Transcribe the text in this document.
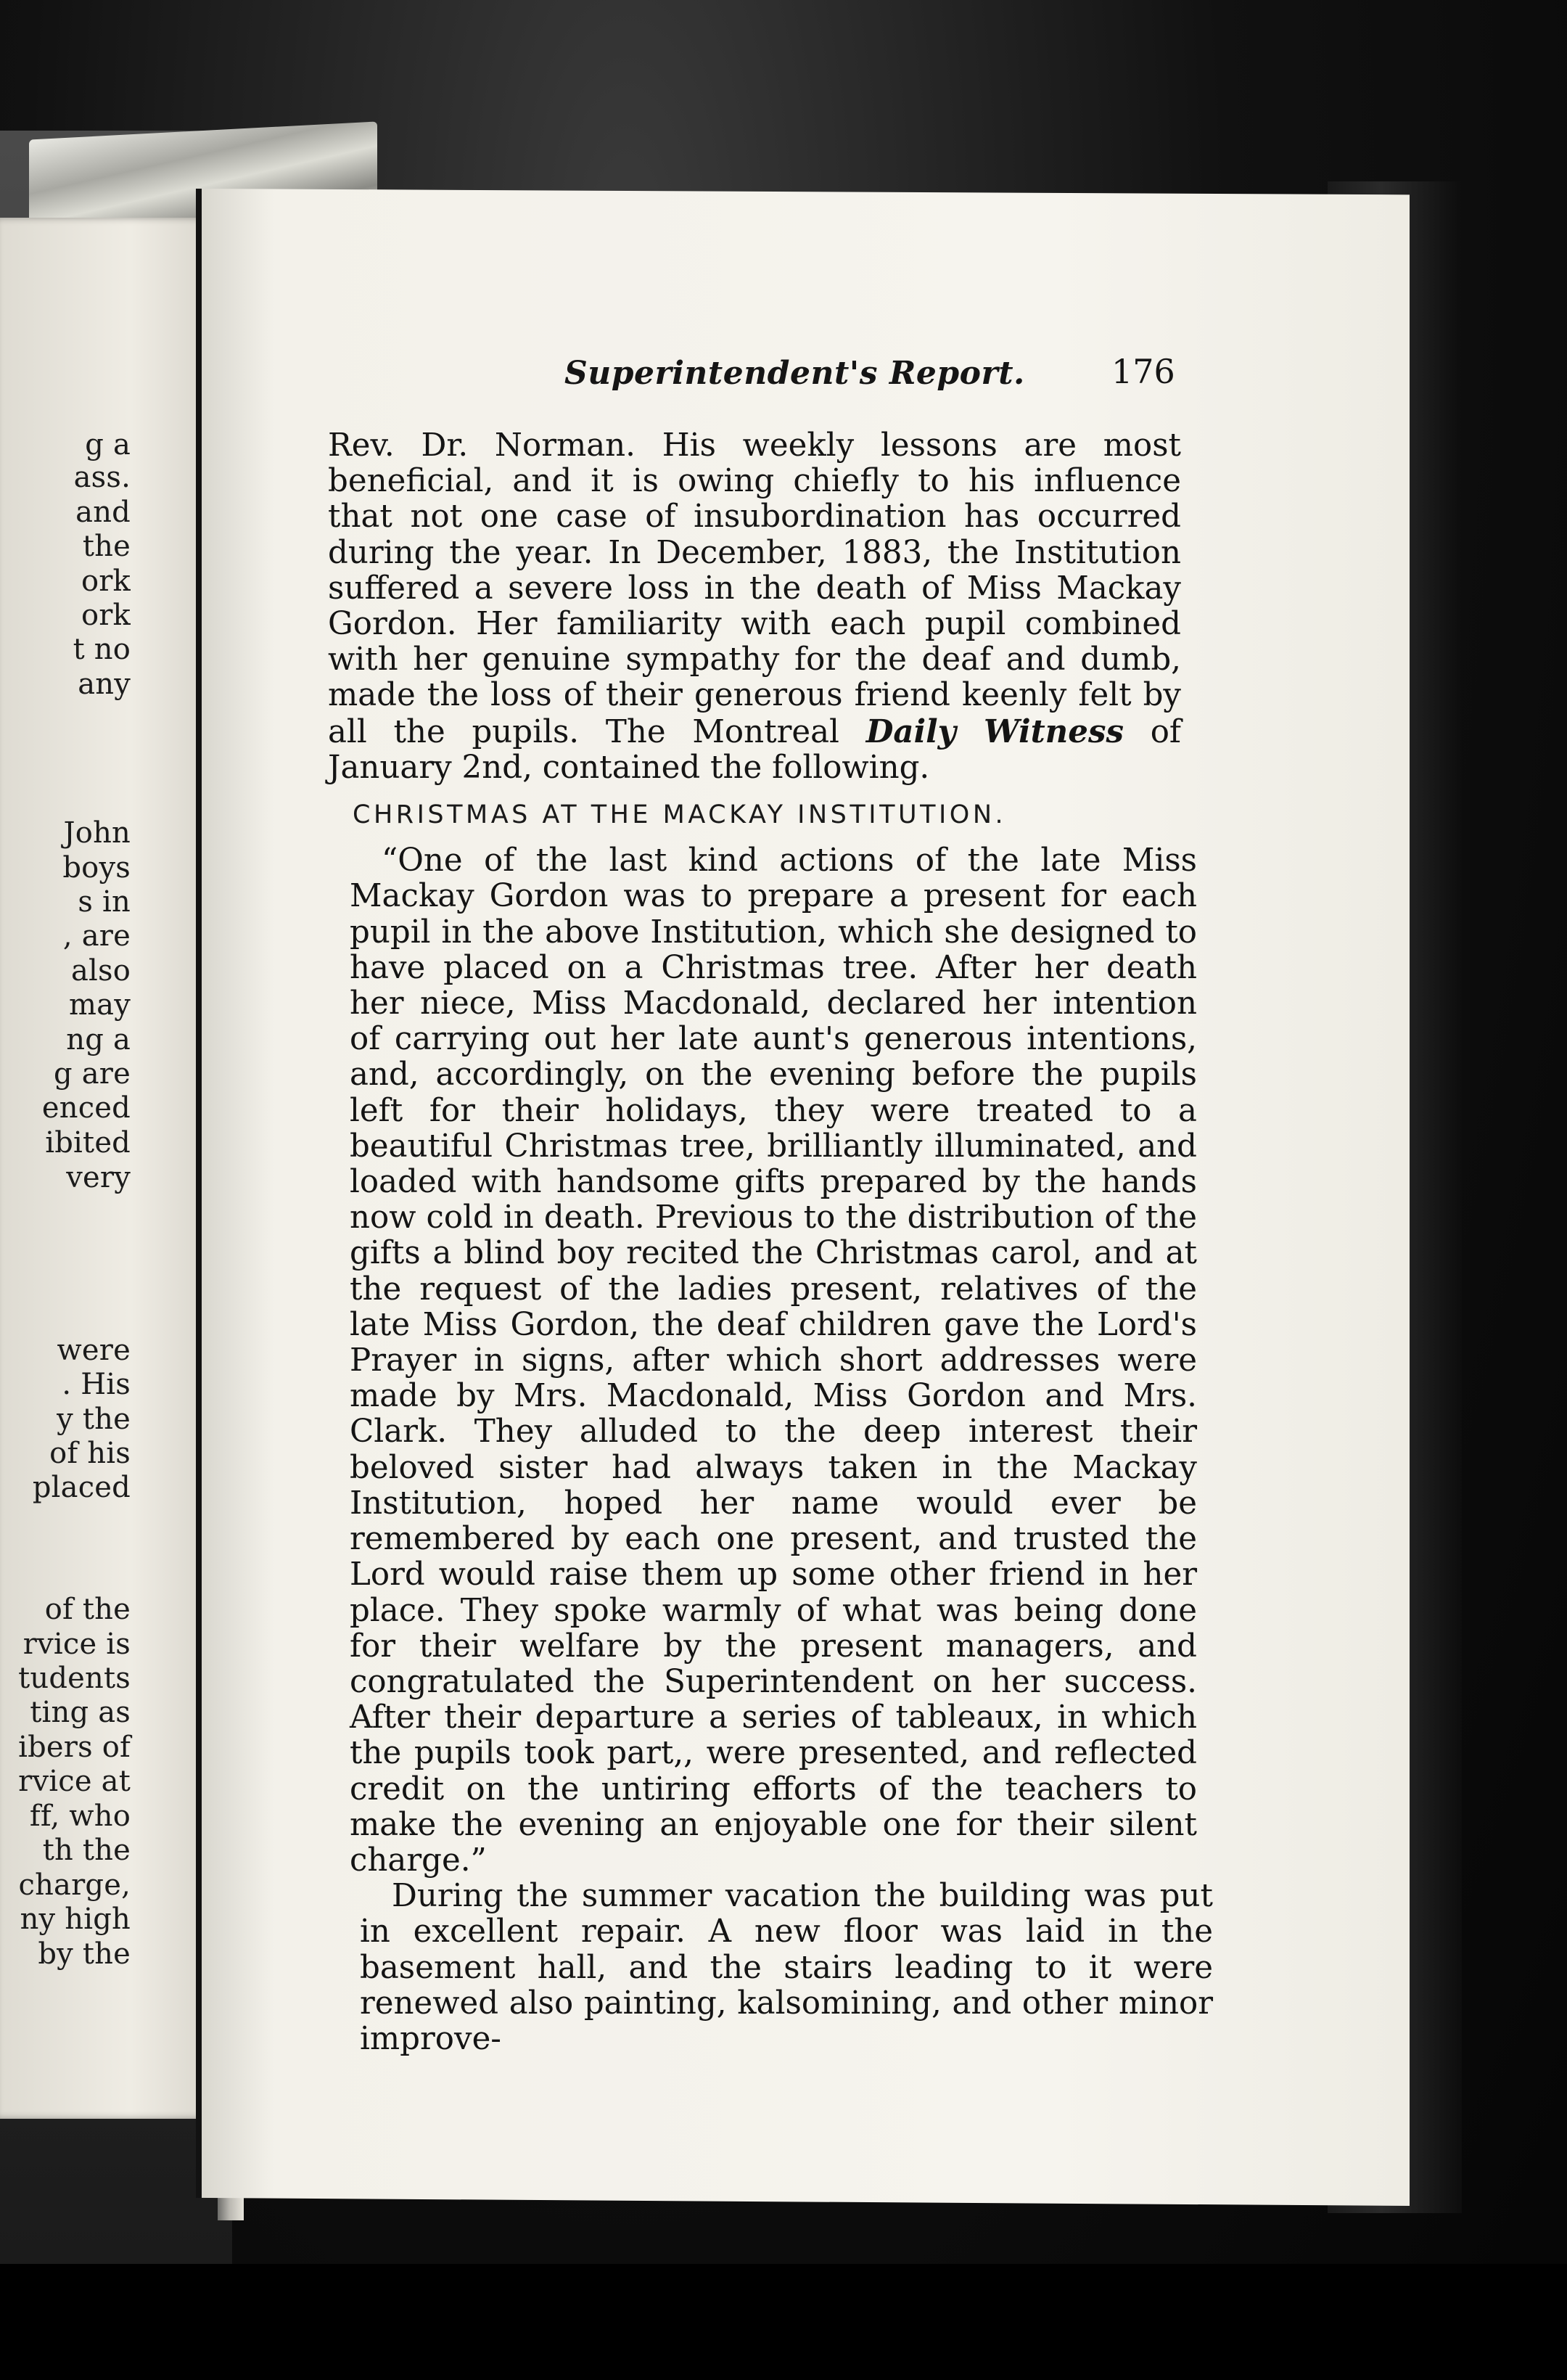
g a
ass.
and
the
ork
ork
t no
any
John
boys
s in
, are
also
may
ng a
g are
enced
ibited
very
were
. His
y the
of his
placed
of the
rvice is
tudents
ting as
ibers of
rvice at
ff, who
th the
charge,
ny high
by the
Superintendent's Report.	176

Rev. Dr. Norman. His weekly lessons are most beneficial, and it is owing chiefly to his influence that not one case of insubordination has occurred during the year. In December, 1883, the Institution suffered a severe loss in the death of Miss Mackay Gordon. Her familiarity with each pupil combined with her genuine sympathy for the deaf and dumb, made the loss of their generous friend keenly felt by all the pupils. The Montreal Daily Witness of January 2nd, contained the following.

CHRISTMAS AT THE MACKAY INSTITUTION.

“One of the last kind actions of the late Miss Mackay Gordon was to prepare a present for each pupil in the above Institution, which she designed to have placed on a Christmas tree. After her death her niece, Miss Macdonald, declared her intention of carrying out her late aunt's generous intentions, and, accordingly, on the evening before the pupils left for their holidays, they were treated to a beautiful Christmas tree, brilliantly illuminated, and loaded with handsome gifts prepared by the hands now cold in death. Previous to the distribution of the gifts a blind boy recited the Christmas carol, and at the request of the ladies present, relatives of the late Miss Gordon, the deaf children gave the Lord's Prayer in signs, after which short addresses were made by Mrs. Macdonald, Miss Gordon and Mrs. Clark. They alluded to the deep interest their beloved sister had always taken in the Mackay Institution, hoped her name would ever be remembered by each one present, and trusted the Lord would raise them up some other friend in her place. They spoke warmly of what was being done for their welfare by the present managers, and congratulated the Superintendent on her success. After their departure a series of tableaux, in which the pupils took part,, were presented, and reflected credit on the untiring efforts of the teachers to make the evening an enjoyable one for their silent charge.”

During the summer vacation the building was put in excellent repair. A new floor was laid in the basement hall, and the stairs leading to it were renewed also painting, kalsomining, and other minor improve-
